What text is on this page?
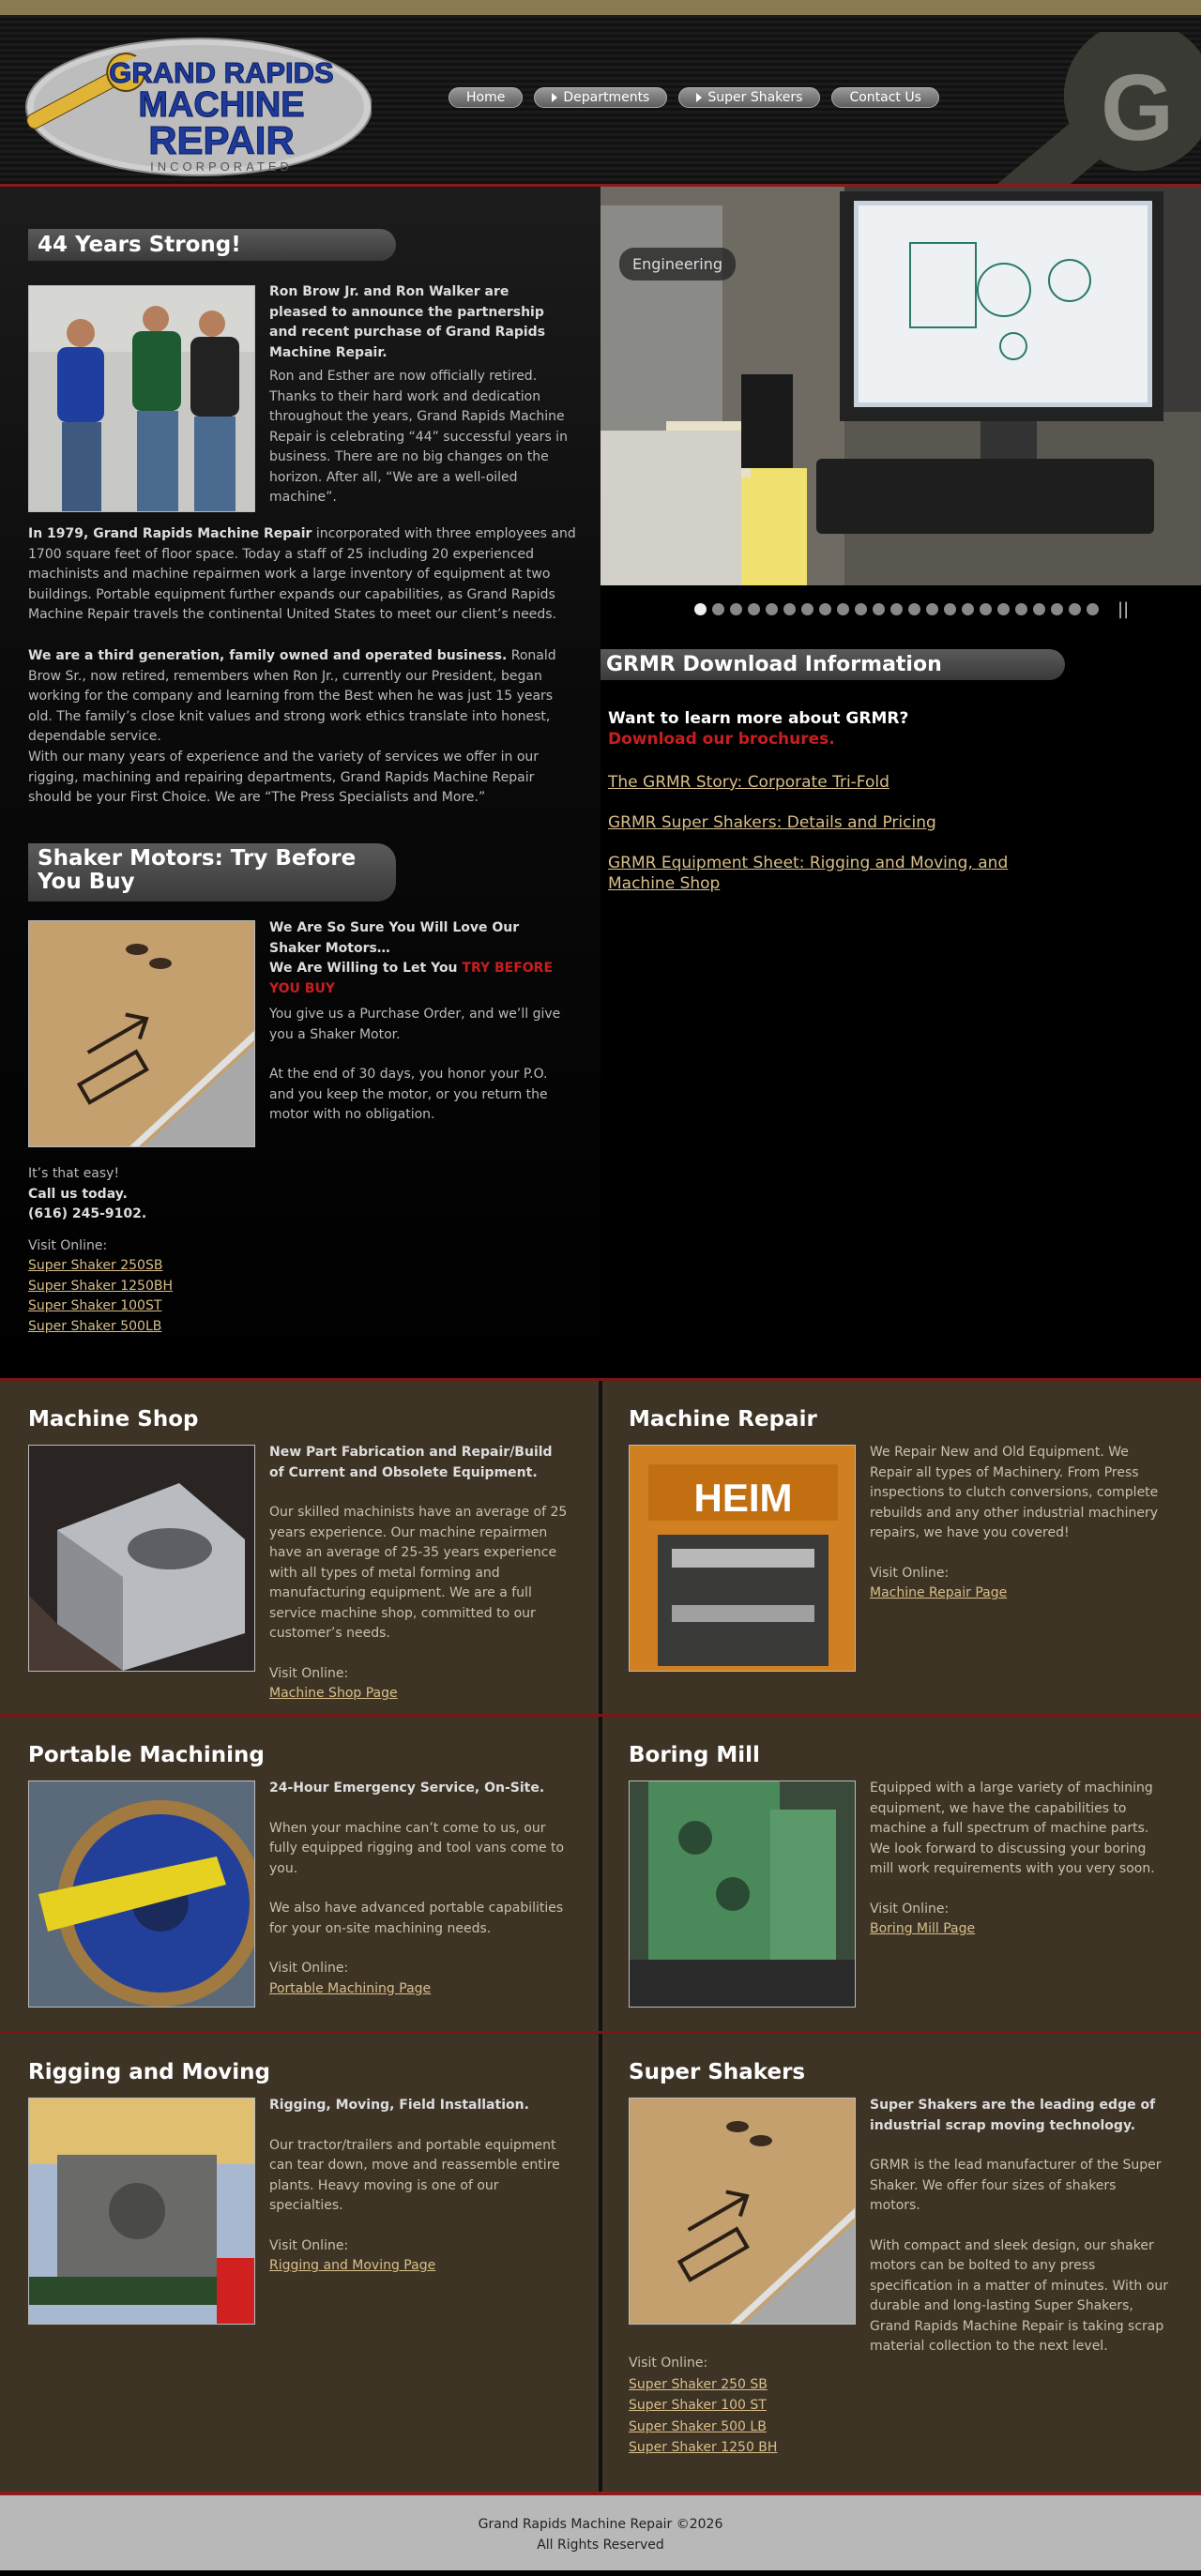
GRAND RAPIDS
MACHINE
REPAIR
INCORPORATED
Home	Departments	Super Shakers	Contact Us G
44 Years Strong!
Ron Brow Jr. and Ron Walker are pleased to announce the partnership and recent purchase of Grand Rapids Machine Repair.
Ron and Esther are now officially retired. Thanks to their hard work and dedication throughout the years, Grand Rapids Machine Repair is celebrating “44” successful years in business. There are no big changes on the horizon. After all, “We are a well-oiled machine”.
In 1979, Grand Rapids Machine Repair incorporated with three employees and 1700 square feet of floor space. Today a staff of 25 including 20 experienced machinists and machine repairmen work a large inventory of equipment at two buildings. Portable equipment further expands our capabilities, as Grand Rapids Machine Repair travels the continental United States to meet our client’s needs.
We are a third generation, family owned and operated business. Ronald Brow Sr., now retired, remembers when Ron Jr., currently our President, began working for the company and learning from the Best when he was just 15 years old. The family’s close knit values and strong work ethics translate into honest, dependable service.
With our many years of experience and the variety of services we offer in our rigging, machining and repairing departments, Grand Rapids Machine Repair should be your First Choice. We are “The Press Specialists and More.”
Shaker Motors: Try Before You Buy
We Are So Sure You Will Love Our Shaker Motors…
We Are Willing to Let You TRY BEFORE YOU BUY
You give us a Purchase Order, and we’ll give you a Shaker Motor.
At the end of 30 days, you honor your P.O. and you keep the motor, or you return the motor with no obligation.
It’s that easy!
Call us today.
(616) 245-9102.
Visit Online:
Super Shaker 250SB
Super Shaker 1250BH
Super Shaker 100ST
Super Shaker 500LB
Engineering
||
GRMR Download Information
Want to learn more about GRMR?
Download our brochures.
The GRMR Story: Corporate Tri-Fold
GRMR Super Shakers: Details and Pricing
GRMR Equipment Sheet: Rigging and Moving, and Machine Shop
Machine Shop
New Part Fabrication and Repair/Build of Current and Obsolete Equipment.
Our skilled machinists have an average of 25 years experience. Our machine repairmen have an average of 25-35 years experience with all types of metal forming and manufacturing equipment. We are a full service machine shop, committed to our customer’s needs.
Visit Online:
Machine Shop Page
Machine Repair
HEIM
We Repair New and Old Equipment. We Repair all types of Machinery. From Press inspections to clutch conversions, complete rebuilds and any other industrial machinery repairs, we have you covered!
Visit Online:
Machine Repair Page
Portable Machining
24-Hour Emergency Service, On-Site.
When your machine can’t come to us, our fully equipped rigging and tool vans come to you.
We also have advanced portable capabilities for your on-site machining needs.
Visit Online:
Portable Machining Page
Boring Mill
Equipped with a large variety of machining equipment, we have the capabilities to machine a full spectrum of machine parts. We look forward to discussing your boring mill work requirements with you very soon.
Visit Online:
Boring Mill Page
Rigging and Moving
Rigging, Moving, Field Installation.
Our tractor/trailers and portable equipment can tear down, move and reassemble entire plants. Heavy moving is one of our specialties.
Visit Online:
Rigging and Moving Page
Super Shakers
Super Shakers are the leading edge of industrial scrap moving technology.
GRMR is the lead manufacturer of the Super Shaker. We offer four sizes of shakers motors.
With compact and sleek design, our shaker motors can be bolted to any press specification in a matter of minutes. With our durable and long-lasting Super Shakers, Grand Rapids Machine Repair is taking scrap material collection to the next level.
Visit Online:
Super Shaker 250 SB
Super Shaker 100 ST
Super Shaker 500 LB
Super Shaker 1250 BH
Grand Rapids Machine Repair ©2026
All Rights Reserved
